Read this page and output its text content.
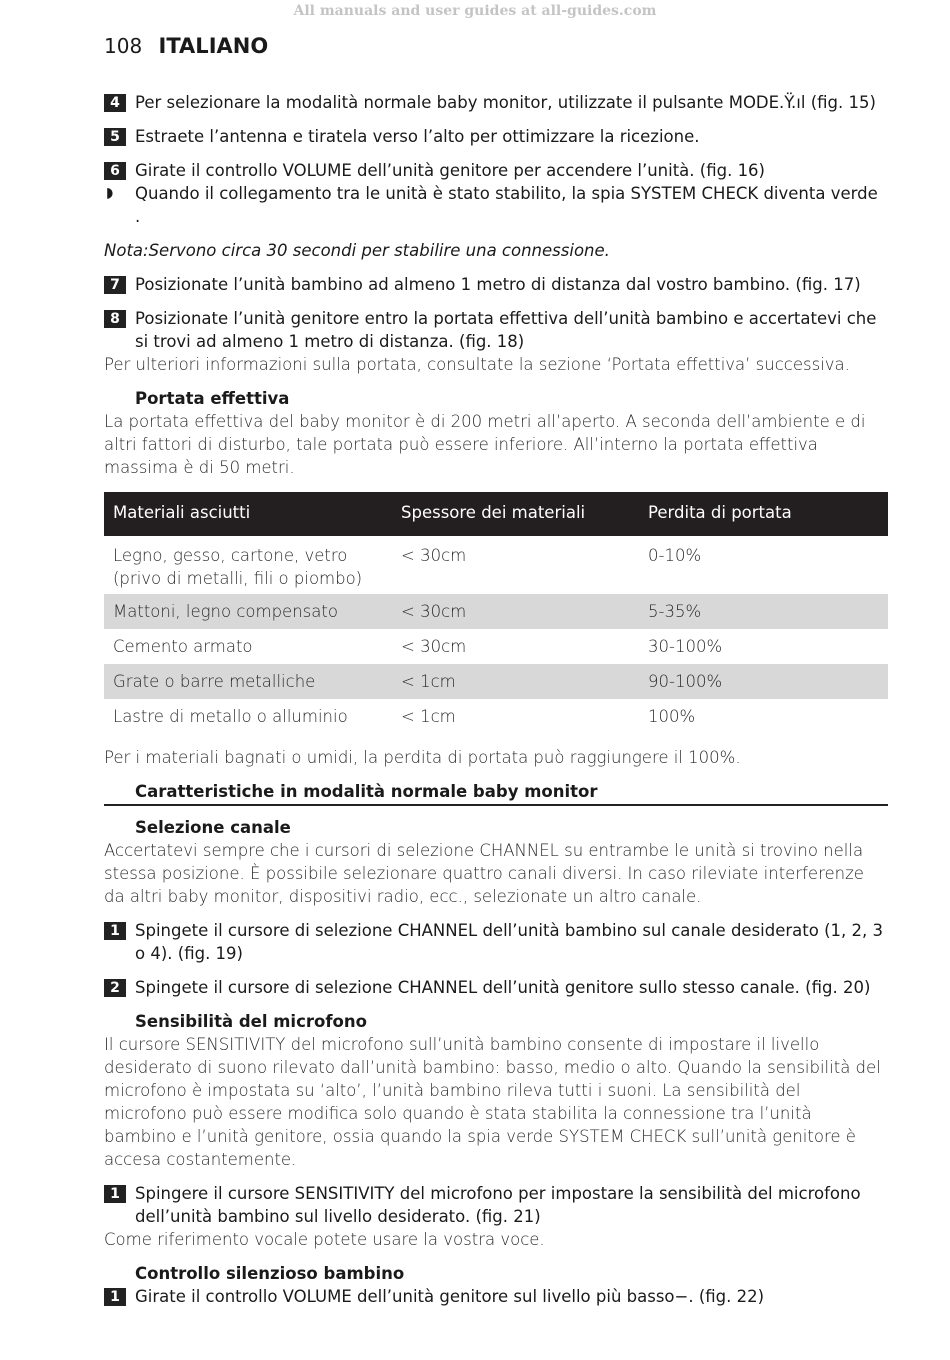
All manuals and user guides at all-guides.com
108 ITALIANO
4 Per selezionare la modalità normale baby monitor, utilizzate il pulsante MODE.Ÿ.ıl (fig. 15)
5 Estraete l’antenna e tiratela verso l’alto per ottimizzare la ricezione.
6 Girate il controllo VOLUME dell’unità genitore per accendere l’unità. (fig. 16)
◗ Quando il collegamento tra le unità è stato stabilito, la spia SYSTEM CHECK diventa verde .
Nota:Servono circa 30 secondi per stabilire una connessione.
7 Posizionate l’unità bambino ad almeno 1 metro di distanza dal vostro bambino. (fig. 17)
8 Posizionate l’unità genitore entro la portata effettiva dell’unità bambino e accertatevi che si trovi ad almeno 1 metro di distanza. (fig. 18)
Per ulteriori informazioni sulla portata, consultate la sezione ‘Portata effettiva’ successiva.
Portata effettiva
La portata effettiva del baby monitor è di 200 metri all’aperto. A seconda dell’ambiente e di altri fattori di disturbo, tale portata può essere inferiore. All’interno la portata effettiva massima è di 50 metri.
Materiali asciutti	Spessore dei materiali	Perdita di portata
Legno, gesso, cartone, vetro (privo di metalli, fili o piombo)	< 30cm	0-10%
Mattoni, legno compensato	< 30cm	5-35%
Cemento armato	< 30cm	30-100%
Grate o barre metalliche	< 1cm	90-100%
Lastre di metallo o alluminio	< 1cm	100%
Per i materiali bagnati o umidi, la perdita di portata può raggiungere il 100%.
Caratteristiche in modalità normale baby monitor
Selezione canale
Accertatevi sempre che i cursori di selezione CHANNEL su entrambe le unità si trovino nella stessa posizione. È possibile selezionare quattro canali diversi. In caso rileviate interferenze da altri baby monitor, dispositivi radio, ecc., selezionate un altro canale.
1 Spingete il cursore di selezione CHANNEL dell’unità bambino sul canale desiderato (1, 2, 3 o 4). (fig. 19)
2 Spingete il cursore di selezione CHANNEL dell’unità genitore sullo stesso canale. (fig. 20)
Sensibilità del microfono
Il cursore SENSITIVITY del microfono sull’unità bambino consente di impostare il livello desiderato di suono rilevato dall’unità bambino: basso, medio o alto. Quando la sensibilità del microfono è impostata su ‘alto’, l’unità bambino rileva tutti i suoni. La sensibilità del microfono può essere modifica solo quando è stata stabilita la connessione tra l’unità bambino e l’unità genitore, ossia quando la spia verde SYSTEM CHECK sull’unità genitore è accesa costantemente.
1 Spingere il cursore SENSITIVITY del microfono per impostare la sensibilità del microfono dell’unità bambino sul livello desiderato. (fig. 21)
Come riferimento vocale potete usare la vostra voce.
Controllo silenzioso bambino
1 Girate il controllo VOLUME dell’unità genitore sul livello più basso−. (fig. 22)
